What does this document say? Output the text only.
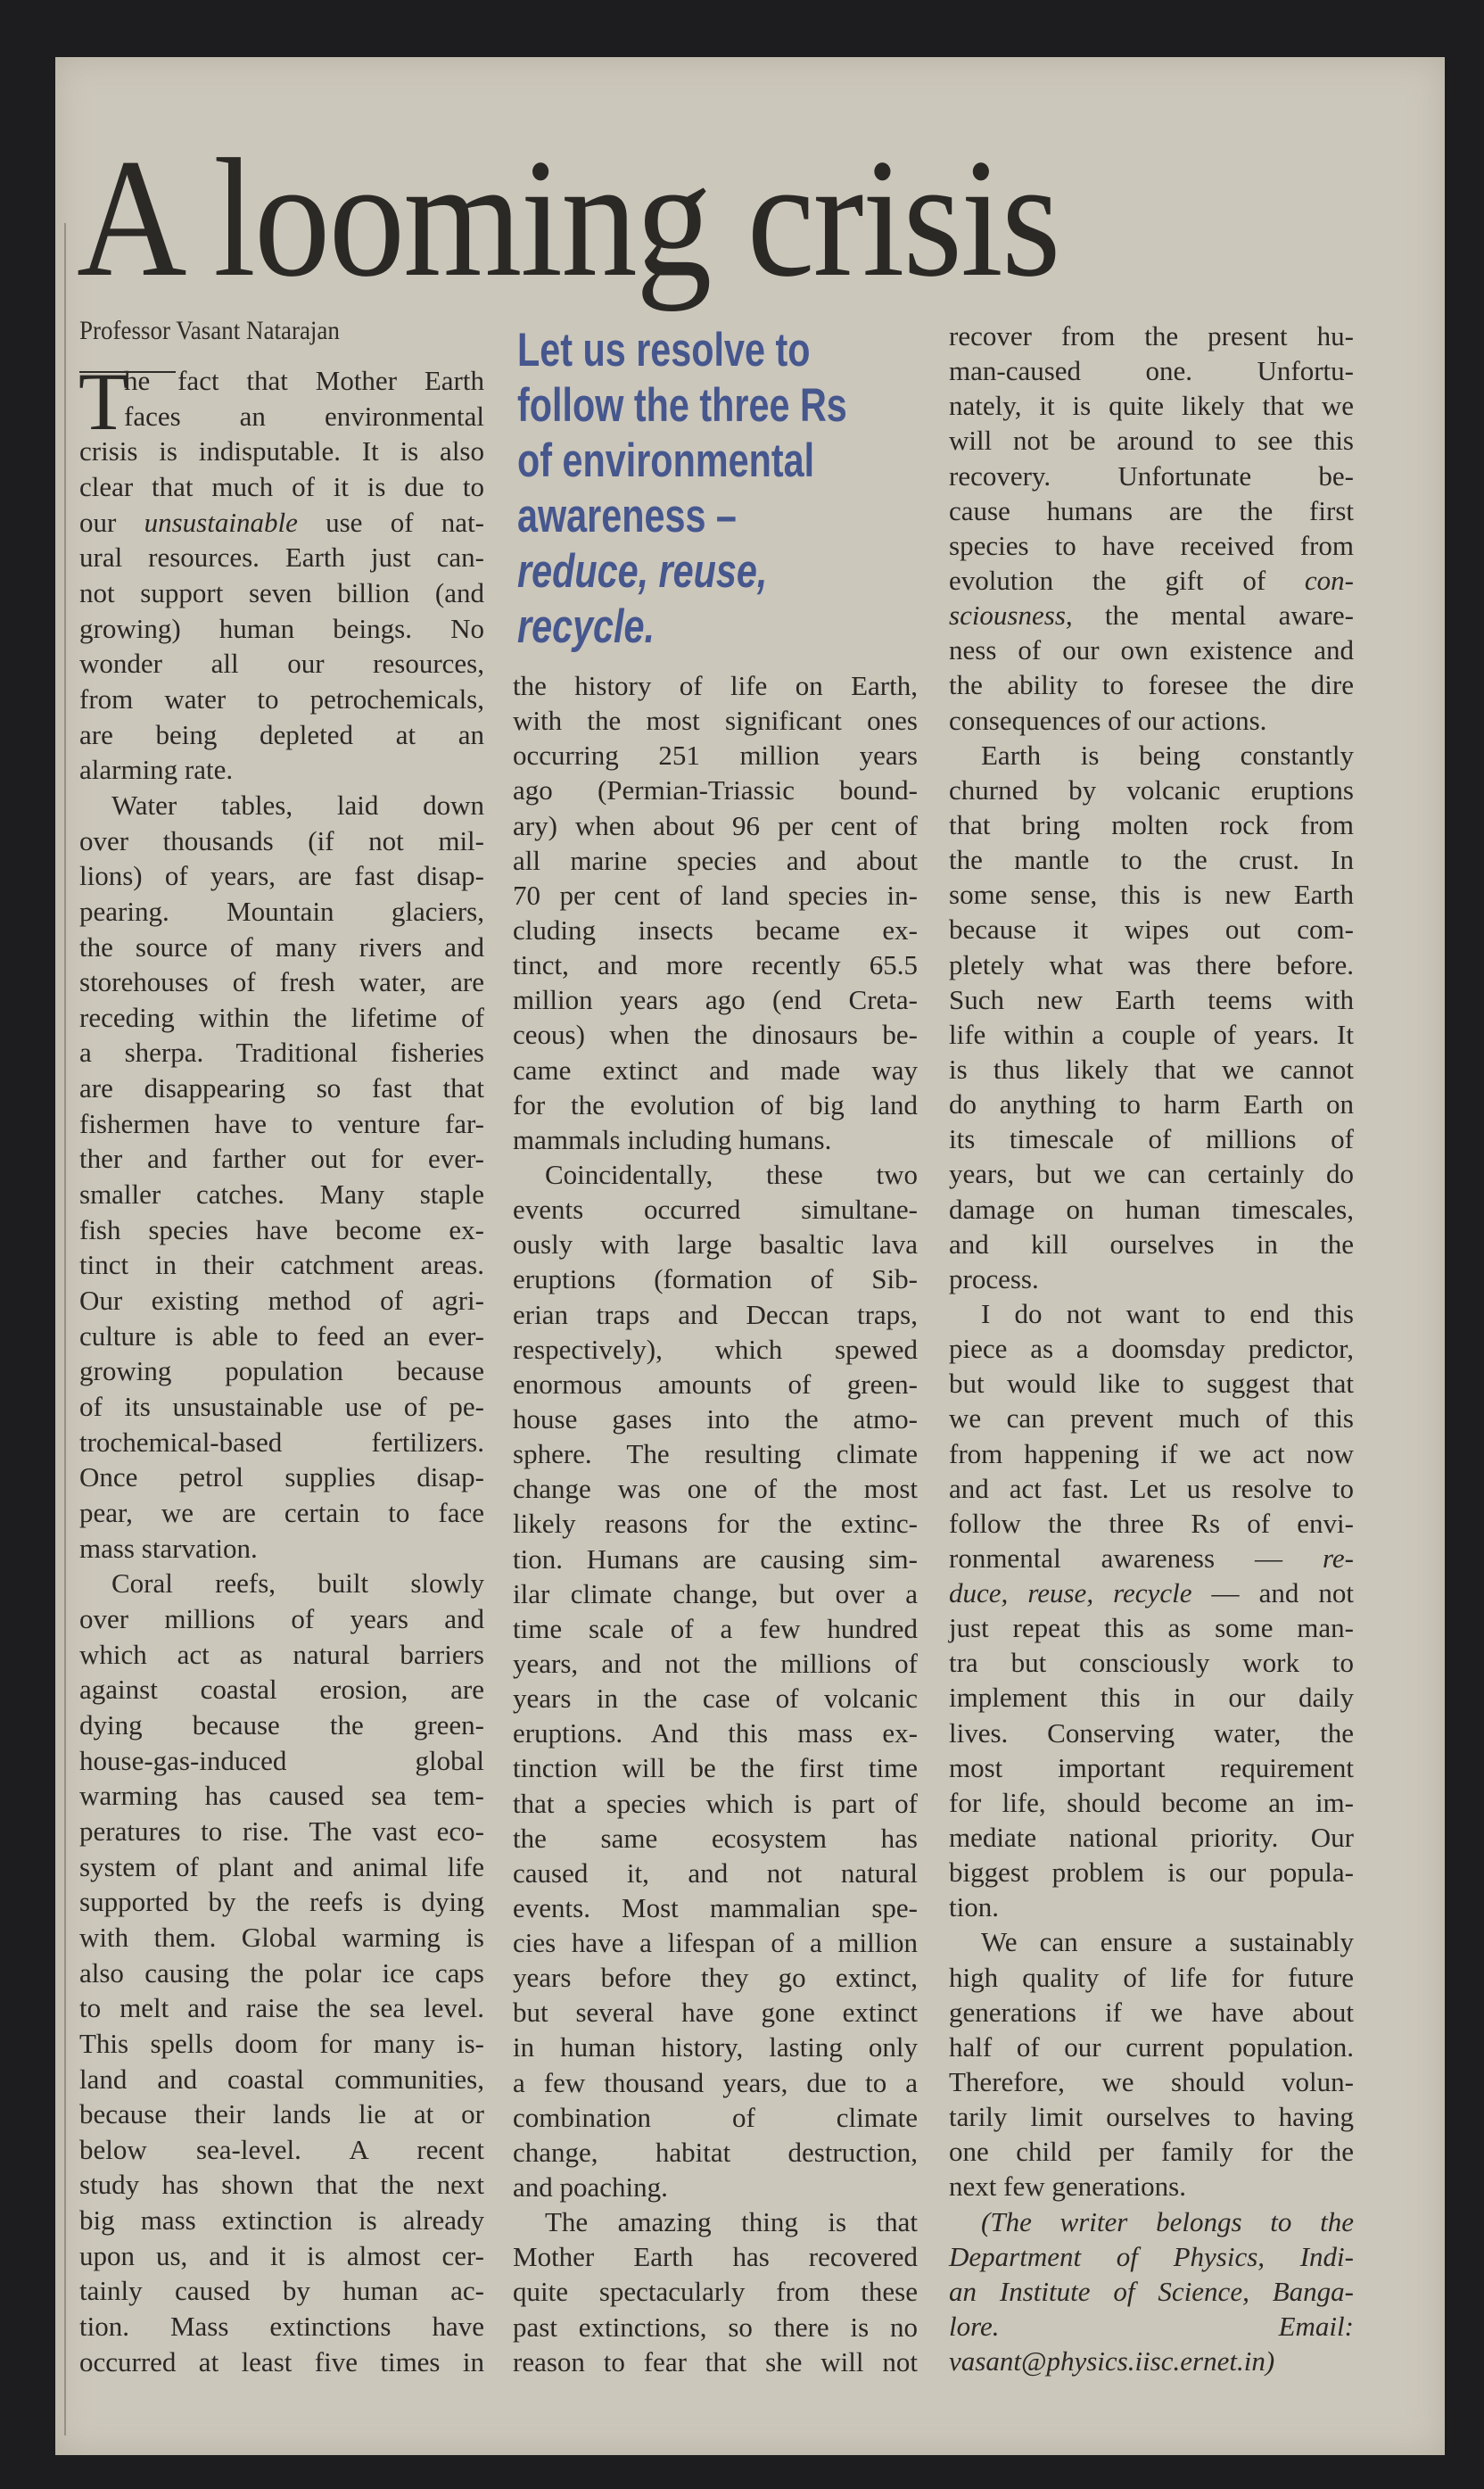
A looming crisis
Professor Vasant Natarajan	Let us resolve to
follow the three Rs
of environmental
awareness –
reduce, reuse,
recycle.
T
he fact that Mother Earth
faces an environmental
crisis is indisputable. It is also
clear that much of it is due to
our unsustainable use of nat-
ural resources. Earth just can-
not support seven billion (and
growing) human beings. No
wonder all our resources,
from water to petrochemicals,
are being depleted at an
alarming rate.
Water tables, laid down
over thousands (if not mil-
lions) of years, are fast disap-
pearing. Mountain glaciers,
the source of many rivers and
storehouses of fresh water, are
receding within the lifetime of
a sherpa. Traditional fisheries
are disappearing so fast that
fishermen have to venture far-
ther and farther out for ever-
smaller catches. Many staple
fish species have become ex-
tinct in their catchment areas.
Our existing method of agri-
culture is able to feed an ever-
growing population because
of its unsustainable use of pe-
trochemical-based fertilizers.
Once petrol supplies disap-
pear, we are certain to face
mass starvation.
Coral reefs, built slowly
over millions of years and
which act as natural barriers
against coastal erosion, are
dying because the green-
house-gas-induced global
warming has caused sea tem-
peratures to rise. The vast eco-
system of plant and animal life
supported by the reefs is dying
with them. Global warming is
also causing the polar ice caps
to melt and raise the sea level.
This spells doom for many is-
land and coastal communities,
because their lands lie at or
below sea-level. A recent
study has shown that the next
big mass extinction is already
upon us, and it is almost cer-
tainly caused by human ac-
tion. Mass extinctions have
occurred at least five times in
the history of life on Earth,
with the most significant ones
occurring 251 million years
ago (Permian-Triassic bound-
ary) when about 96 per cent of
all marine species and about
70 per cent of land species in-
cluding insects became ex-
tinct, and more recently 65.5
million years ago (end Creta-
ceous) when the dinosaurs be-
came extinct and made way
for the evolution of big land
mammals including humans.
Coincidentally, these two
events occurred simultane-
ously with large basaltic lava
eruptions (formation of Sib-
erian traps and Deccan traps,
respectively), which spewed
enormous amounts of green-
house gases into the atmo-
sphere. The resulting climate
change was one of the most
likely reasons for the extinc-
tion. Humans are causing sim-
ilar climate change, but over a
time scale of a few hundred
years, and not the millions of
years in the case of volcanic
eruptions. And this mass ex-
tinction will be the first time
that a species which is part of
the same ecosystem has
caused it, and not natural
events. Most mammalian spe-
cies have a lifespan of a million
years before they go extinct,
but several have gone extinct
in human history, lasting only
a few thousand years, due to a
combination of climate
change, habitat destruction,
and poaching.
The amazing thing is that
Mother Earth has recovered
quite spectacularly from these
past extinctions, so there is no
reason to fear that she will not
recover from the present hu-
man-caused one. Unfortu-
nately, it is quite likely that we
will not be around to see this
recovery. Unfortunate be-
cause humans are the first
species to have received from
evolution the gift of con-
sciousness, the mental aware-
ness of our own existence and
the ability to foresee the dire
consequences of our actions.
Earth is being constantly
churned by volcanic eruptions
that bring molten rock from
the mantle to the crust. In
some sense, this is new Earth
because it wipes out com-
pletely what was there before.
Such new Earth teems with
life within a couple of years. It
is thus likely that we cannot
do anything to harm Earth on
its timescale of millions of
years, but we can certainly do
damage on human timescales,
and kill ourselves in the
process.
I do not want to end this
piece as a doomsday predictor,
but would like to suggest that
we can prevent much of this
from happening if we act now
and act fast. Let us resolve to
follow the three Rs of envi-
ronmental awareness — re-
duce, reuse, recycle — and not
just repeat this as some man-
tra but consciously work to
implement this in our daily
lives. Conserving water, the
most important requirement
for life, should become an im-
mediate national priority. Our
biggest problem is our popula-
tion.
We can ensure a sustainably
high quality of life for future
generations if we have about
half of our current population.
Therefore, we should volun-
tarily limit ourselves to having
one child per family for the
next few generations.
(The writer belongs to the
Department of Physics, Indi-
an Institute of Science, Banga-
lore. Email:
vasant@physics.iisc.ernet.in)
